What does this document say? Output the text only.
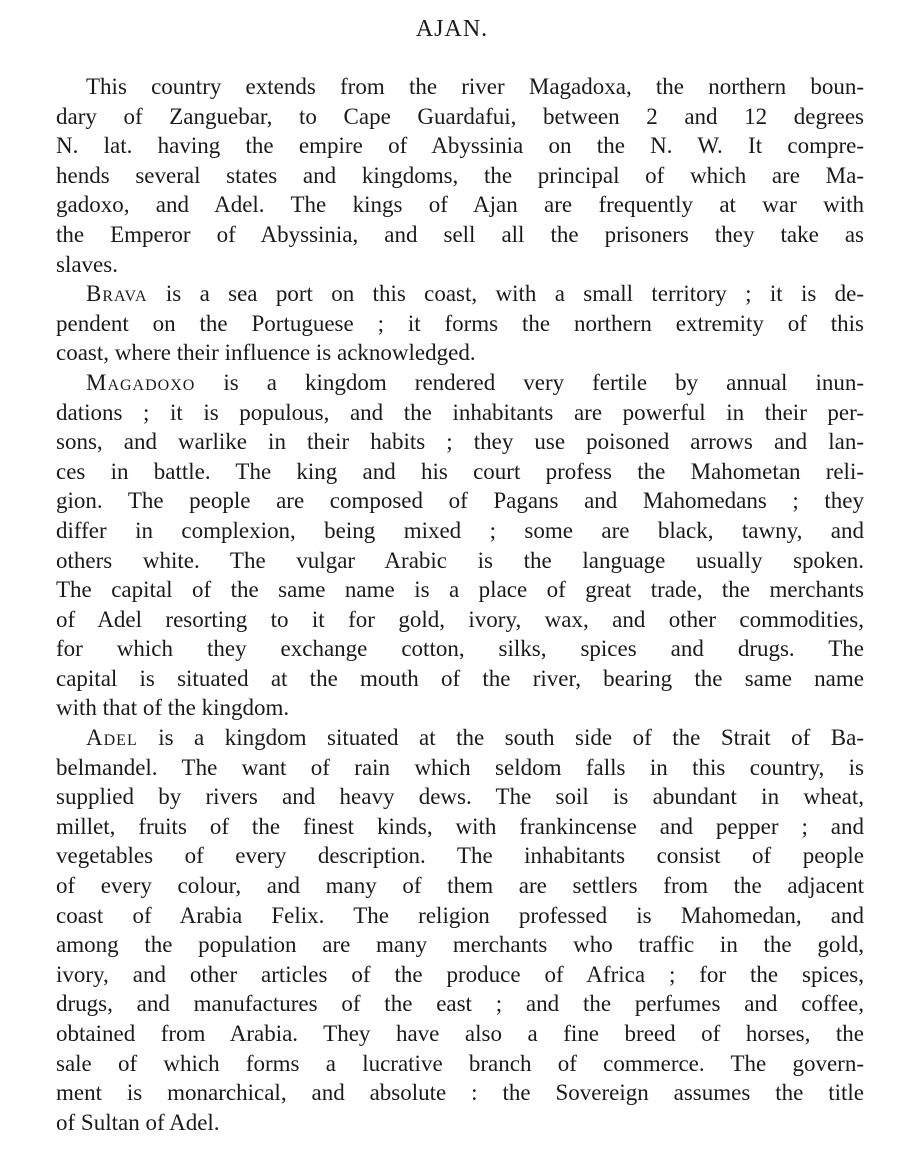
AJAN.
This country extends from the river Magadoxa, the northern boun-
dary of Zanguebar, to Cape Guardafui, between 2 and 12 degrees
N. lat. having the empire of Abyssinia on the N. W. It compre-
hends several states and kingdoms, the principal of which are Ma-
gadoxo, and Adel. The kings of Ajan are frequently at war with
the Emperor of Abyssinia, and sell all the prisoners they take as
slaves.
Brava is a sea port on this coast, with a small territory ; it is de-
pendent on the Portuguese ; it forms the northern extremity of this
coast, where their influence is acknowledged.
Magadoxo is a kingdom rendered very fertile by annual inun-
dations ; it is populous, and the inhabitants are powerful in their per-
sons, and warlike in their habits ; they use poisoned arrows and lan-
ces in battle. The king and his court profess the Mahometan reli-
gion. The people are composed of Pagans and Mahomedans ; they
differ in complexion, being mixed ; some are black, tawny, and
others white. The vulgar Arabic is the language usually spoken.
The capital of the same name is a place of great trade, the merchants
of Adel resorting to it for gold, ivory, wax, and other commodities,
for which they exchange cotton, silks, spices and drugs. The
capital is situated at the mouth of the river, bearing the same name
with that of the kingdom.
Adel is a kingdom situated at the south side of the Strait of Ba-
belmandel. The want of rain which seldom falls in this country, is
supplied by rivers and heavy dews. The soil is abundant in wheat,
millet, fruits of the finest kinds, with frankincense and pepper ; and
vegetables of every description. The inhabitants consist of people
of every colour, and many of them are settlers from the adjacent
coast of Arabia Felix. The religion professed is Mahomedan, and
among the population are many merchants who traffic in the gold,
ivory, and other articles of the produce of Africa ; for the spices,
drugs, and manufactures of the east ; and the perfumes and coffee,
obtained from Arabia. They have also a fine breed of horses, the
sale of which forms a lucrative branch of commerce. The govern-
ment is monarchical, and absolute : the Sovereign assumes the title
of Sultan of Adel.
